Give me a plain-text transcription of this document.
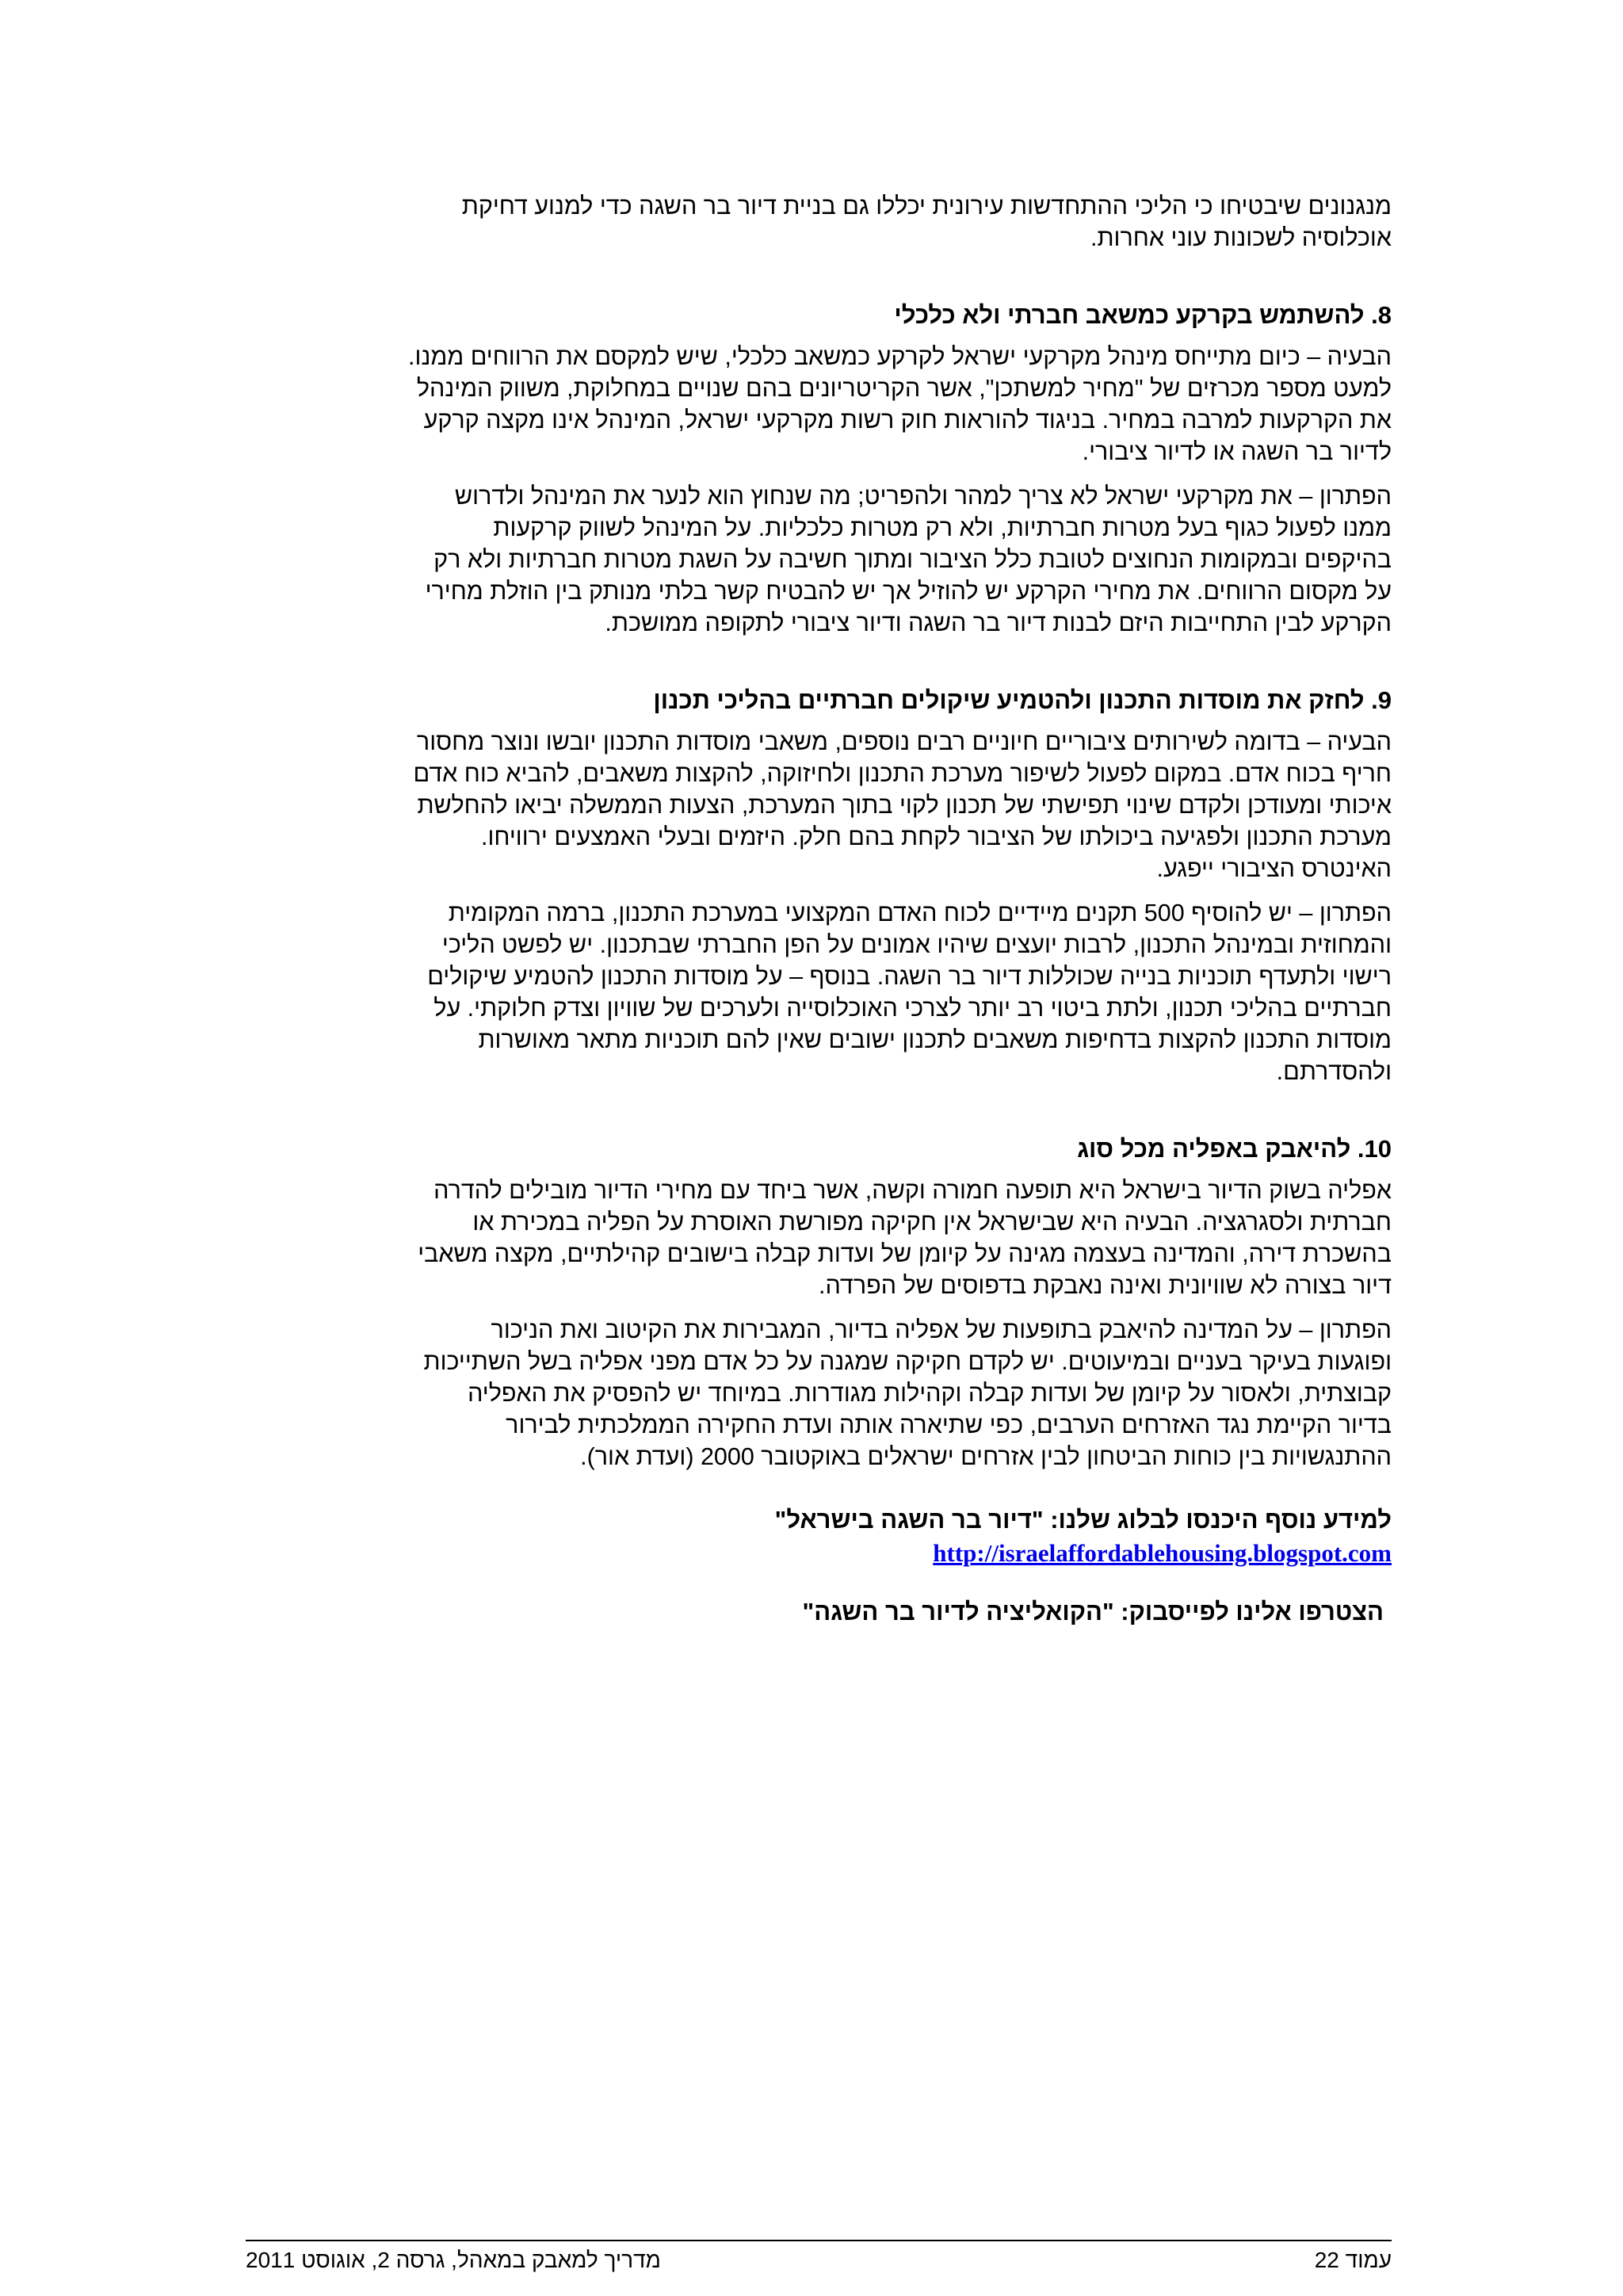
מנגנונים שיבטיחו כי הליכי ההתחדשות עירונית יכללו גם בניית דיור בר השגה כדי למנוע דחיקת
אוכלוסיה לשכונות עוני אחרות.
8. להשתמש בקרקע כמשאב חברתי ולא כלכלי
הבעיה – כיום מתייחס מינהל מקרקעי ישראל לקרקע כמשאב כלכלי, שיש למקסם את הרווחים ממנו.
למעט מספר מכרזים של "מחיר למשתכן", אשר הקריטריונים בהם שנויים במחלוקת, משווק המינהל
את הקרקעות למרבה במחיר. בניגוד להוראות חוק רשות מקרקעי ישראל, המינהל אינו מקצה קרקע
לדיור בר השגה או לדיור ציבורי.
הפתרון – את מקרקעי ישראל לא צריך למהר ולהפריט; מה שנחוץ הוא לנער את המינהל ולדרוש
ממנו לפעול כגוף בעל מטרות חברתיות, ולא רק מטרות כלכליות. על המינהל לשווק קרקעות
בהיקפים ובמקומות הנחוצים לטובת כלל הציבור ומתוך חשיבה על השגת מטרות חברתיות ולא רק
על מקסום הרווחים. את מחירי הקרקע יש להוזיל אך יש להבטיח קשר בלתי מנותק בין הוזלת מחירי
הקרקע לבין התחייבות היזם לבנות דיור בר השגה ודיור ציבורי לתקופה ממושכת.
9. לחזק את מוסדות התכנון ולהטמיע שיקולים חברתיים בהליכי תכנון
הבעיה – בדומה לשירותים ציבוריים חיוניים רבים נוספים, משאבי מוסדות התכנון יובשו ונוצר מחסור
חריף בכוח אדם. במקום לפעול לשיפור מערכת התכנון ולחיזוקה, להקצות משאבים, להביא כוח אדם
איכותי ומעודכן ולקדם שינוי תפישתי של תכנון לקוי בתוך המערכת, הצעות הממשלה יביאו להחלשת
מערכת התכנון ולפגיעה ביכולתו של הציבור לקחת בהם חלק. היזמים ובעלי האמצעים ירוויחו.
האינטרס הציבורי ייפגע.
הפתרון – יש להוסיף 500 תקנים מיידיים לכוח האדם המקצועי במערכת התכנון, ברמה המקומית
והמחוזית ובמינהל התכנון, לרבות יועצים שיהיו אמונים על הפן החברתי שבתכנון. יש לפשט הליכי
רישוי ולתעדף תוכניות בנייה שכוללות דיור בר השגה. בנוסף – על מוסדות התכנון להטמיע שיקולים
חברתיים בהליכי תכנון, ולתת ביטוי רב יותר לצרכי האוכלוסייה ולערכים של שוויון וצדק חלוקתי. על
מוסדות התכנון להקצות בדחיפות משאבים לתכנון ישובים שאין להם תוכניות מתאר מאושרות
ולהסדרתם.
10. להיאבק באפליה מכל סוג
אפליה בשוק הדיור בישראל היא תופעה חמורה וקשה, אשר ביחד עם מחירי הדיור מובילים להדרה
חברתית ולסגרגציה. הבעיה היא שבישראל אין חקיקה מפורשת האוסרת על הפליה במכירת או
בהשכרת דירה, והמדינה בעצמה מגינה על קיומן של ועדות קבלה בישובים קהילתיים, מקצה משאבי
דיור בצורה לא שוויונית ואינה נאבקת בדפוסים של הפרדה.
הפתרון – על המדינה להיאבק בתופעות של אפליה בדיור, המגבירות את הקיטוב ואת הניכור
ופוגעות בעיקר בעניים ובמיעוטים. יש לקדם חקיקה שמגנה על כל אדם מפני אפליה בשל השתייכות
קבוצתית, ולאסור על קיומן של ועדות קבלה וקהילות מגודרות. במיוחד יש להפסיק את האפליה
בדיור הקיימת נגד האזרחים הערבים, כפי שתיארה אותה ועדת החקירה הממלכתית לבירור
ההתנגשויות בין כוחות הביטחון לבין אזרחים ישראלים באוקטובר 2000 (ועדת אור).
למידע נוסף היכנסו לבלוג שלנו: "דיור בר השגה בישראל"
http://israelaffordablehousing.blogspot.com
הצטרפו אלינו לפייסבוק: "הקואליציה לדיור בר השגה"
עמוד 22
מדריך למאבק במאהל, גרסה 2, אוגוסט 2011
